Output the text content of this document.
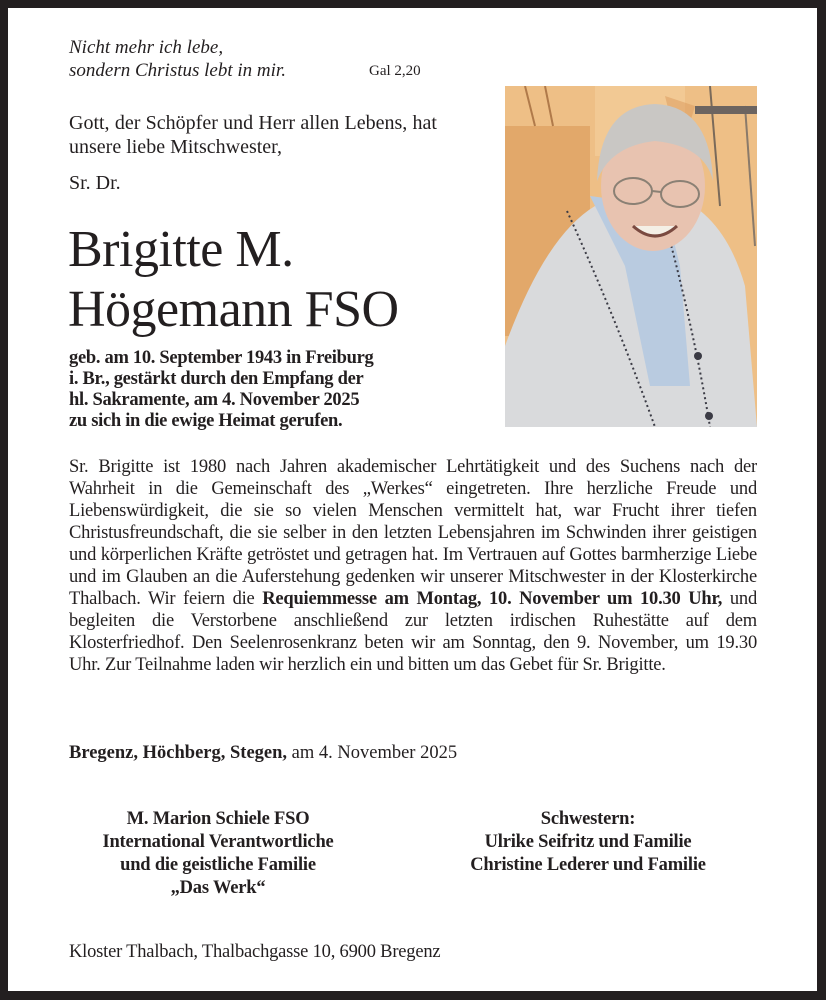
Nicht mehr ich lebe,
sondern Christus lebt in mir.	Gal 2,20
Gott, der Schöpfer und Herr allen Lebens, hat unsere liebe Mitschwester,
Sr. Dr.
Brigitte M.
Högemann FSO
geb. am 10. September 1943 in Freiburg
i. Br., gestärkt durch den Empfang der
hl. Sakramente, am 4. November 2025
zu sich in die ewige Heimat gerufen.
Sr. Brigitte ist 1980 nach Jahren akademischer Lehrtätigkeit und des Suchens nach der Wahrheit in die Gemeinschaft des „Werkes“ eingetreten. Ihre herzliche Freude und Liebenswürdigkeit, die sie so vielen Menschen vermittelt hat, war Frucht ihrer tiefen Christusfreundschaft, die sie selber in den letzten Lebensjahren im Schwinden ihrer geistigen und körperlichen Kräfte getröstet und getragen hat. Im Vertrauen auf Gottes barmherzige Liebe und im Glauben an die Auferstehung gedenken wir unserer Mitschwester in der Klosterkirche Thalbach. Wir feiern die Requiemmesse am Montag, 10. November um 10.30 Uhr, und begleiten die Verstorbene anschließend zur letzten irdischen Ruhestätte auf dem Klosterfriedhof. Den Seelenrosenkranz beten wir am Sonntag, den 9. November, um 19.30 Uhr. Zur Teilnahme laden wir herzlich ein und bitten um das Gebet für Sr. Brigitte.
Bregenz, Höchberg, Stegen, am 4. November 2025
M. Marion Schiele FSO
International Verantwortliche
und die geistliche Familie
„Das Werk“
Schwestern:
Ulrike Seifritz und Familie
Christine Lederer und Familie
Kloster Thalbach, Thalbachgasse 10, 6900 Bregenz
